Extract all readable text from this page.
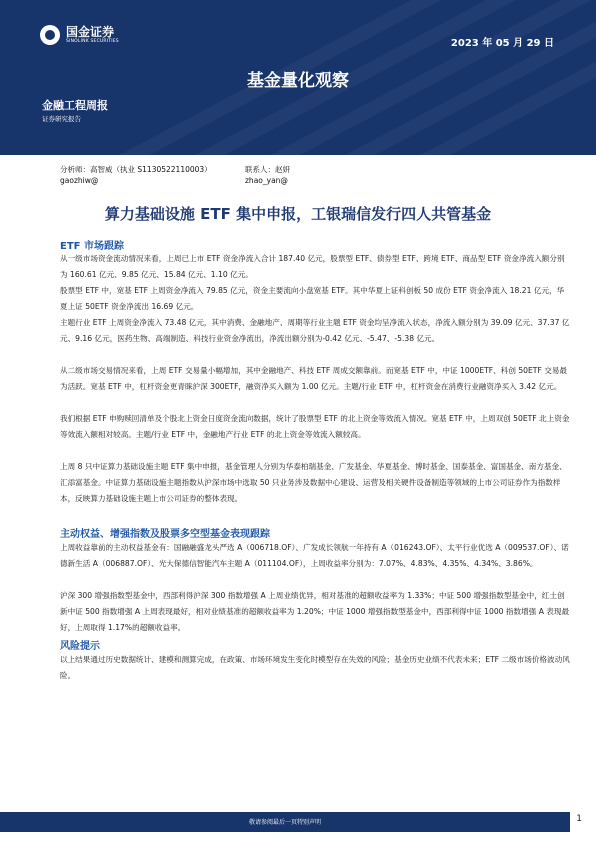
国金证券
SINOLINK SECURITIES	2023 年 05 月 29 日
基金量化观察
金融工程周报
证券研究报告
分析师：高智威（执业 S1130522110003）	联系人：赵妍
gaozhiw@	zhao_yan@
算力基础设施 ETF 集中申报，工银瑞信发行四人共管基金
ETF 市场跟踪

从一级市场资金流动情况来看，上周已上市 ETF 资金净流入合计 187.40 亿元，股票型 ETF、债券型 ETF、跨境 ETF、商品型 ETF 资金净流入额分别为 160.61 亿元、9.85 亿元、15.84 亿元、1.10 亿元。

股票型 ETF 中，宽基 ETF 上周资金净流入 79.85 亿元，资金主要流向小盘宽基 ETF。其中华夏上证科创板 50 成份 ETF 资金净流入 18.21 亿元，华夏上证 50ETF 资金净流出 16.69 亿元。

主题行业 ETF 上周资金净流入 73.48 亿元，其中消费、金融地产、周期等行业主题 ETF 资金均呈净流入状态，净流入额分别为 39.09 亿元、37.37 亿元、9.16 亿元，医药生物、高端制造、科技行业资金净流出，净流出额分别为-0.42 亿元、-5.47、-5.38 亿元。

从二级市场交易情况来看，上周 ETF 交易量小幅增加，其中金融地产、科技 ETF 周成交额靠前。而宽基 ETF 中，中证 1000ETF、科创 50ETF 交易最为活跃。宽基 ETF 中，杠杆资金更青睐沪深 300ETF，融资净买入额为 1.00 亿元。主题/行业 ETF 中，杠杆资金在消费行业融资净买入 3.42 亿元。

我们根据 ETF 申购赎回清单及个股北上资金日度资金流向数据，统计了股票型 ETF 的北上资金等效流入情况。宽基 ETF 中，上周双创 50ETF 北上资金等效流入额相对较高。主题/行业 ETF 中，金融地产行业 ETF 的北上资金等效流入额较高。

上周 8 只中证算力基础设施主题 ETF 集中申报，基金管理人分别为华泰柏瑞基金、广发基金、华夏基金、博时基金、国泰基金、富国基金、南方基金、汇添富基金。中证算力基础设施主题指数从沪深市场中选取 50 只业务涉及数据中心建设、运营及相关硬件设备制造等领域的上市公司证券作为指数样本，反映算力基础设施主题上市公司证券的整体表现。

主动权益、增强指数及股票多空型基金表现跟踪

上周收益靠前的主动权益基金有：国融融盛龙头严选 A（006718.OF）、广发成长领航一年持有 A（016243.OF）、太平行业优选 A（009537.OF）、诺德新生活 A（006887.OF）、光大保德信智能汽车主题 A（011104.OF），上周收益率分别为：7.07%、4.83%、4.35%、4.34%、3.86%。

沪深 300 增强指数型基金中，西部利得沪深 300 指数增强 A 上周业绩优异，相对基准的超额收益率为 1.33%；中证 500 增强指数型基金中，红土创新中证 500 指数增强 A 上周表现最好，相对业绩基准的超额收益率为 1.20%；中证 1000 增强指数型基金中，西部利得中证 1000 指数增强 A 表现最好，上周取得 1.17%的超额收益率。

风险提示

以上结果通过历史数据统计、建模和测算完成，在政策、市场环境发生变化时模型存在失效的风险；基金历史业绩不代表未来；ETF 二级市场价格波动风险。

敬请参阅最后一页特别声明	1
